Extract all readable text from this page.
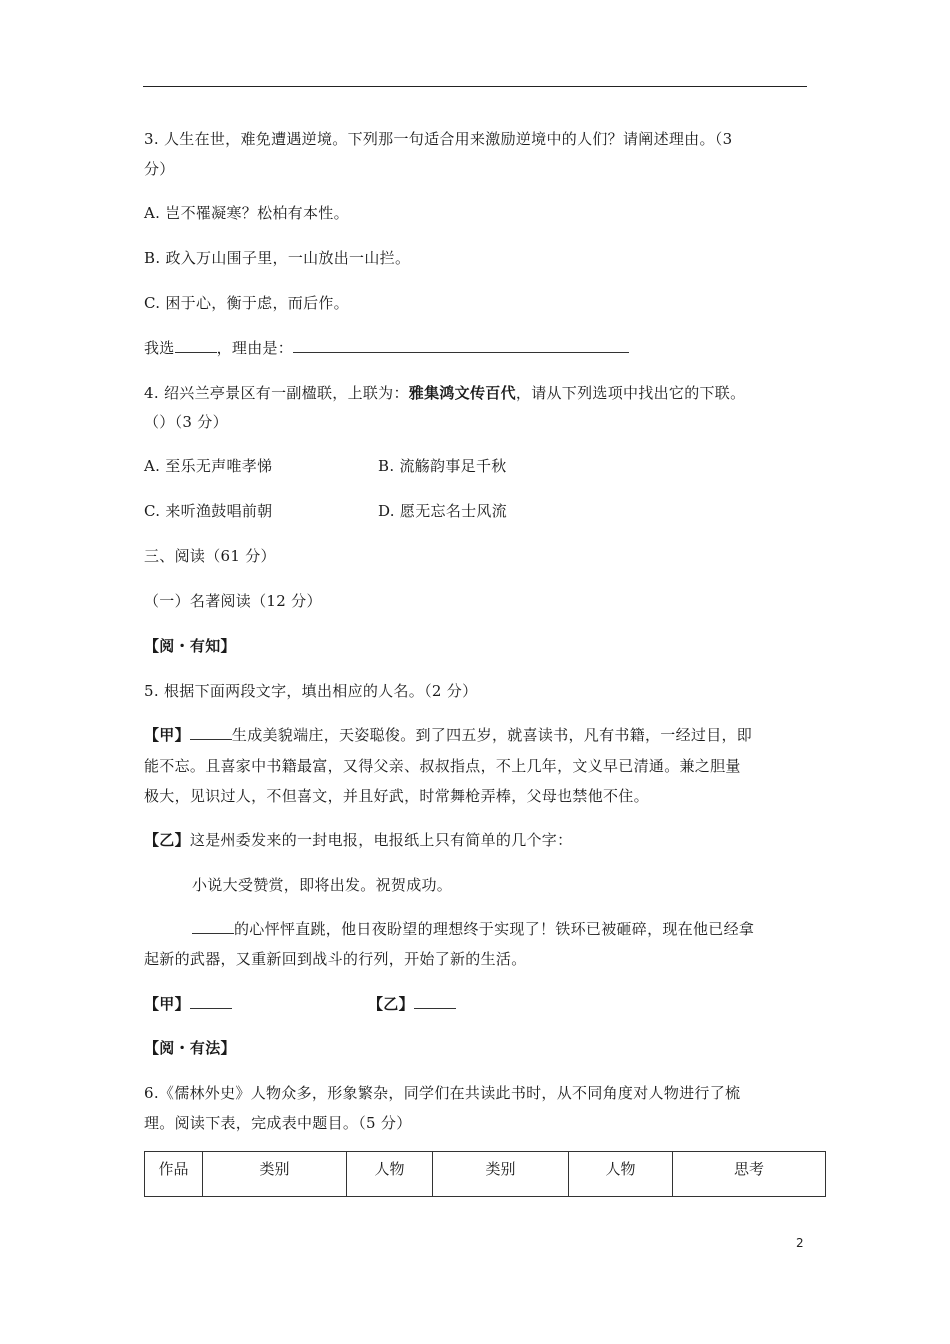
3. 人生在世，难免遭遇逆境。下列那一句适合用来激励逆境中的人们？请阐述理由。（3
分）
A. 岂不罹凝寒？松柏有本性。
B. 政入万山围子里，一山放出一山拦。
C. 困于心，衡于虑，而后作。
我选	，理由是：
4. 绍兴兰亭景区有一副楹联，上联为：雅集鸿文传百代，请从下列选项中找出它的下联。
（）（3 分）
A. 至乐无声唯孝悌	B. 流觞韵事足千秋
C. 来听渔鼓唱前朝	D. 愿无忘名士风流
三、阅读（61 分）
（一）名著阅读（12 分）
【阅・有知】
5. 根据下面两段文字，填出相应的人名。（2 分）
【甲】	生成美貌端庄，天姿聪俊。到了四五岁，就喜读书，凡有书籍，一经过目，即
能不忘。且喜家中书籍最富，又得父亲、叔叔指点，不上几年，文义早已清通。兼之胆量
极大，见识过人，不但喜文，并且好武，时常舞枪弄棒，父母也禁他不住。
【乙】这是州委发来的一封电报，电报纸上只有简单的几个字：
小说大受赞赏，即将出发。祝贺成功。
的心怦怦直跳，他日夜盼望的理想终于实现了！铁环已被砸碎，现在他已经拿
起新的武器，又重新回到战斗的行列，开始了新的生活。
【甲】	【乙】
【阅・有法】
6.《儒林外史》人物众多，形象繁杂，同学们在共读此书时，从不同角度对人物进行了梳
理。阅读下表，完成表中题目。（5 分）
作品	类别	人物	类别	人物	思考
2
